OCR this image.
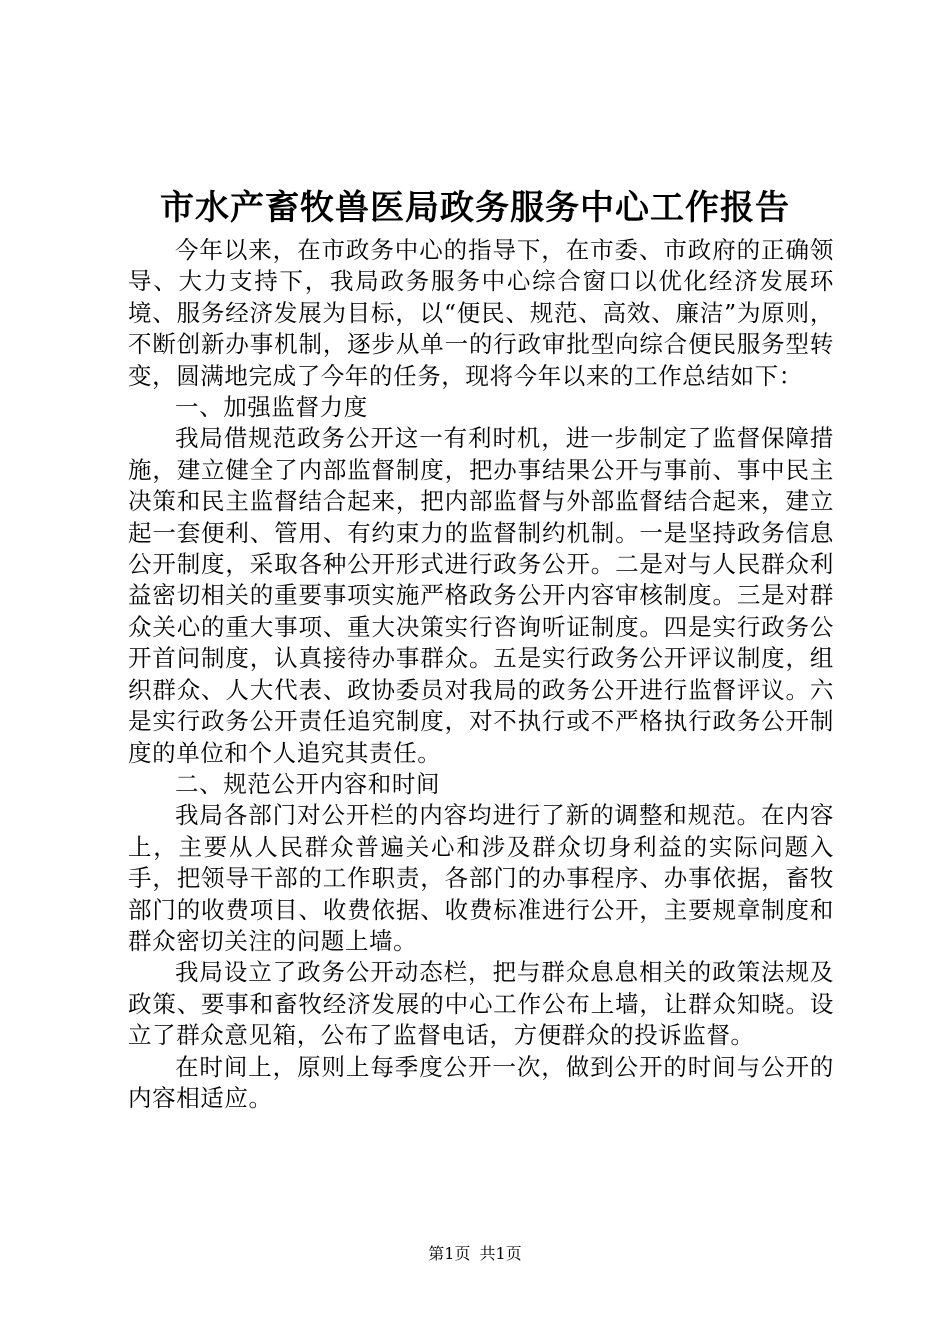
市水产畜牧兽医局政务服务中心工作报告

今年以来，在市政务中心的指导下，在市委、市政府的正确领导、大力支持下，我局政务服务中心综合窗口以优化经济发展环境、服务经济发展为目标，以“便民、规范、高效、廉洁”为原则，不断创新办事机制，逐步从单一的行政审批型向综合便民服务型转变，圆满地完成了今年的任务，现将今年以来的工作总结如下：

一、加强监督力度

我局借规范政务公开这一有利时机，进一步制定了监督保障措施，建立健全了内部监督制度，把办事结果公开与事前、事中民主决策和民主监督结合起来，把内部监督与外部监督结合起来，建立起一套便利、管用、有约束力的监督制约机制。一是坚持政务信息公开制度，采取各种公开形式进行政务公开。二是对与人民群众利益密切相关的重要事项实施严格政务公开内容审核制度。三是对群众关心的重大事项、重大决策实行咨询听证制度。四是实行政务公开首问制度，认真接待办事群众。五是实行政务公开评议制度，组织群众、人大代表、政协委员对我局的政务公开进行监督评议。六是实行政务公开责任追究制度，对不执行或不严格执行政务公开制度的单位和个人追究其责任。

二、规范公开内容和时间

我局各部门对公开栏的内容均进行了新的调整和规范。在内容上，主要从人民群众普遍关心和涉及群众切身利益的实际问题入手，把领导干部的工作职责，各部门的办事程序、办事依据，畜牧部门的收费项目、收费依据、收费标准进行公开，主要规章制度和群众密切关注的问题上墙。

我局设立了政务公开动态栏，把与群众息息相关的政策法规及政策、要事和畜牧经济发展的中心工作公布上墙，让群众知晓。设立了群众意见箱，公布了监督电话，方便群众的投诉监督。

在时间上，原则上每季度公开一次，做到公开的时间与公开的内容相适应。

第1页 共1页
